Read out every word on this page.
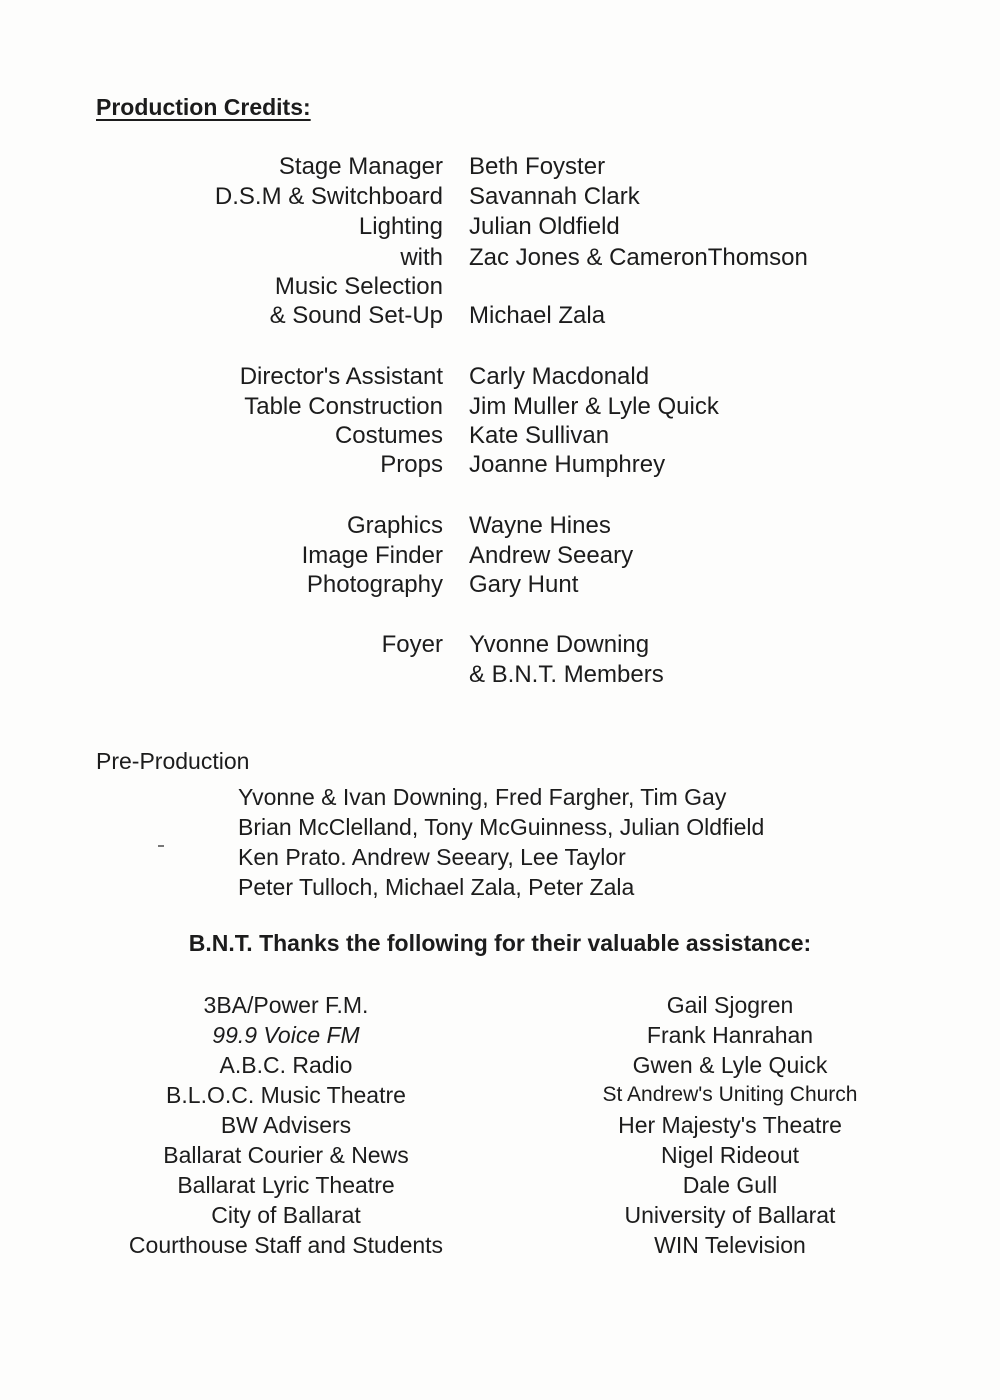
Production Credits:
Stage Manager Beth Foyster
D.S.M & Switchboard Savannah Clark
Lighting Julian Oldfield
with Zac Jones & CameronThomson
Music Selection
& Sound Set-Up Michael Zala
Director's Assistant Carly Macdonald
Table Construction Jim Muller & Lyle Quick
Costumes Kate Sullivan
Props Joanne Humphrey
Graphics Wayne Hines
Image Finder Andrew Seeary
Photography Gary Hunt
Foyer Yvonne Downing
& B.N.T. Members
Pre-Production
Yvonne & Ivan Downing, Fred Fargher, Tim Gay
Brian McClelland, Tony McGuinness, Julian Oldfield
Ken Prato. Andrew Seeary, Lee Taylor
Peter Tulloch, Michael Zala, Peter Zala
B.N.T. Thanks the following for their valuable assistance:
3BA/Power F.M.
99.9 Voice FM
A.B.C. Radio
B.L.O.C. Music Theatre
BW Advisers
Ballarat Courier & News
Ballarat Lyric Theatre
City of Ballarat
Courthouse Staff and Students
Gail Sjogren
Frank Hanrahan
Gwen & Lyle Quick
St Andrew's Uniting Church
Her Majesty's Theatre
Nigel Rideout
Dale Gull
University of Ballarat
WIN Television
